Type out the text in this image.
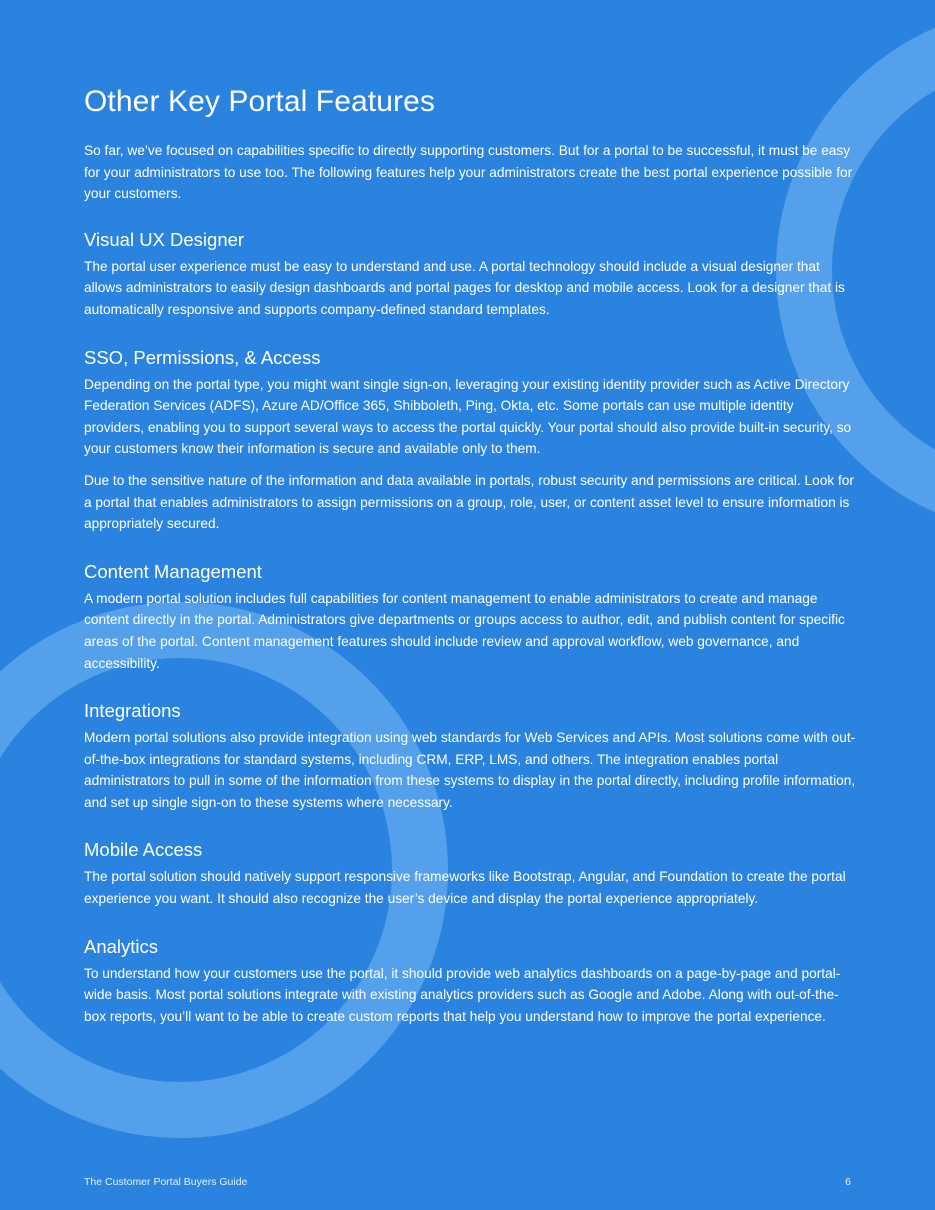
Other Key Portal Features

So far, we’ve focused on capabilities specific to directly supporting customers. But for a portal to be successful, it must be easy for your administrators to use too. The following features help your administrators create the best portal experience possible for your customers.

Visual UX Designer

The portal user experience must be easy to understand and use. A portal technology should include a visual designer that allows administrators to easily design dashboards and portal pages for desktop and mobile access. Look for a designer that is automatically responsive and supports company-defined standard templates.

SSO, Permissions, & Access

Depending on the portal type, you might want single sign-on, leveraging your existing identity provider such as Active Directory Federation Services (ADFS), Azure AD/Office 365, Shibboleth, Ping, Okta, etc. Some portals can use multiple identity providers, enabling you to support several ways to access the portal quickly. Your portal should also provide built-in security, so your customers know their information is secure and available only to them.

Due to the sensitive nature of the information and data available in portals, robust security and permissions are critical. Look for a portal that enables administrators to assign permissions on a group, role, user, or content asset level to ensure information is appropriately secured.

Content Management

A modern portal solution includes full capabilities for content management to enable administrators to create and manage content directly in the portal. Administrators give departments or groups access to author, edit, and publish content for specific areas of the portal. Content management features should include review and approval workflow, web governance, and accessibility.

Integrations

Modern portal solutions also provide integration using web standards for Web Services and APIs. Most solutions come with out-of-the-box integrations for standard systems, including CRM, ERP, LMS, and others. The integration enables portal administrators to pull in some of the information from these systems to display in the portal directly, including profile information, and set up single sign-on to these systems where necessary.

Mobile Access

The portal solution should natively support responsive frameworks like Bootstrap, Angular, and Foundation to create the portal experience you want. It should also recognize the user’s device and display the portal experience appropriately.

Analytics

To understand how your customers use the portal, it should provide web analytics dashboards on a page-by-page and portal-wide basis. Most portal solutions integrate with existing analytics providers such as Google and Adobe. Along with out-of-the-box reports, you’ll want to be able to create custom reports that help you understand how to improve the portal experience.

The Customer Portal Buyers Guide	6
